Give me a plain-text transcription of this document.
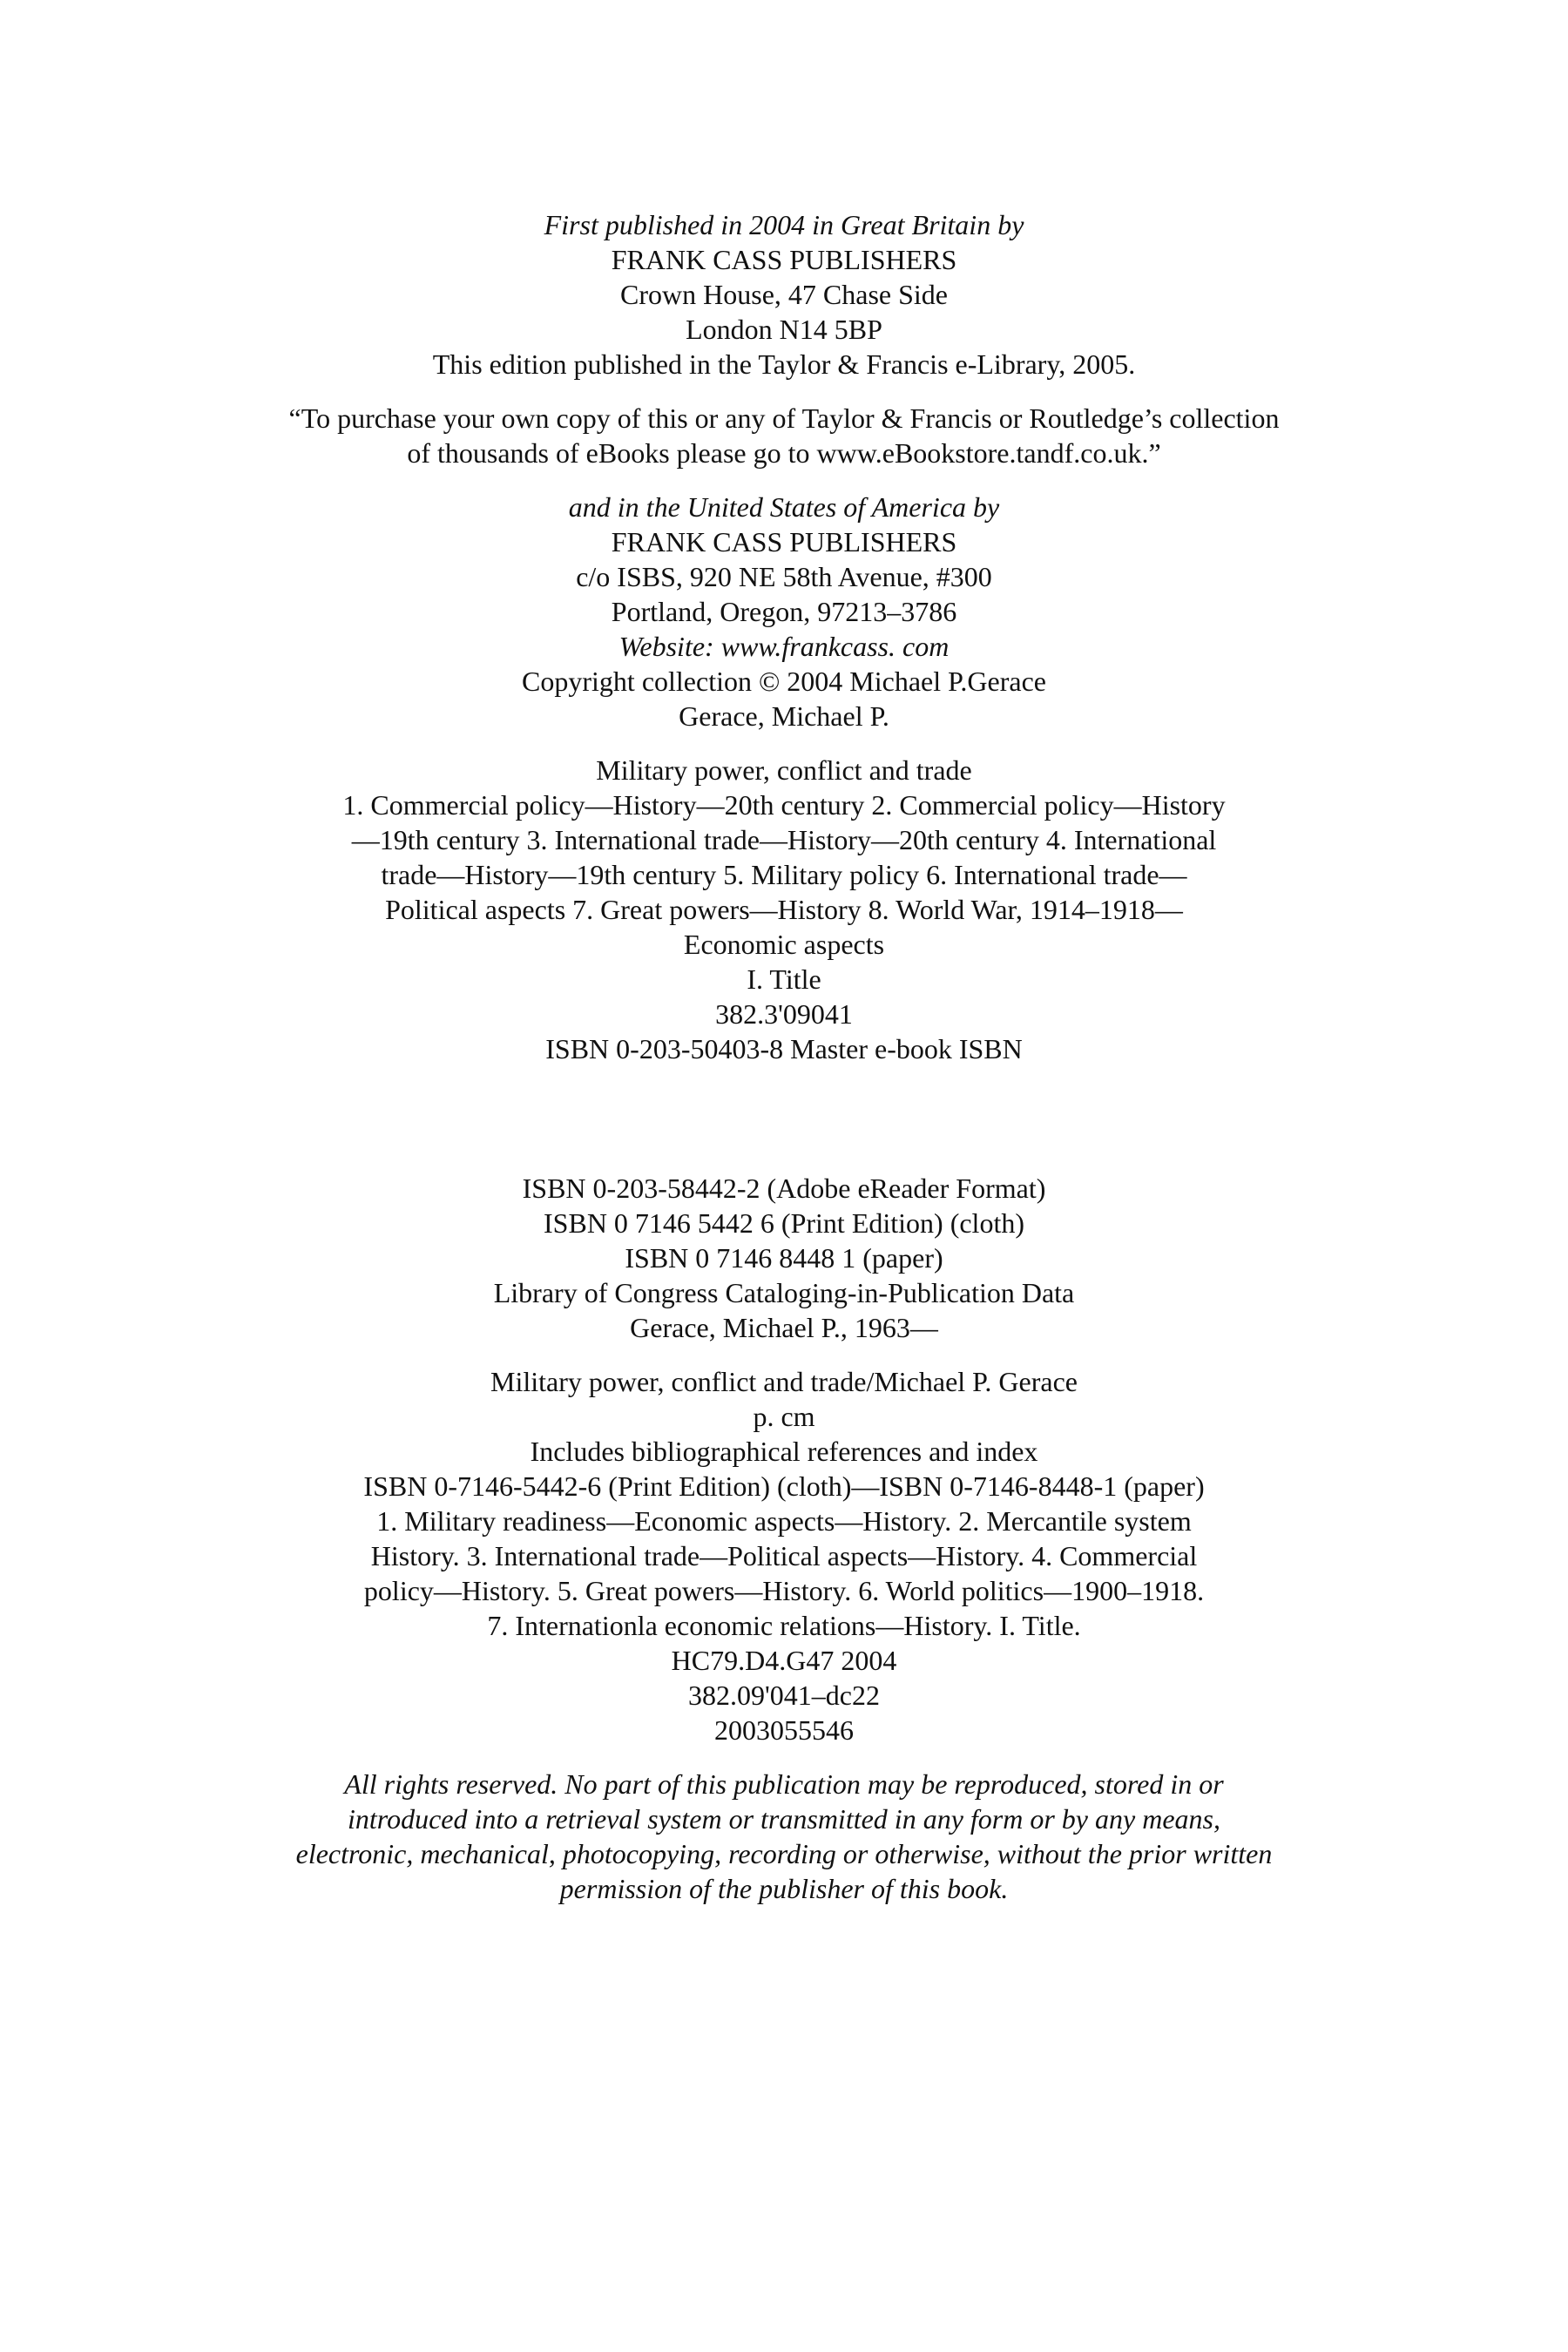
First published in 2004 in Great Britain by

FRANK CASS PUBLISHERS

Crown House, 47 Chase Side

London N14 5BP

This edition published in the Taylor & Francis e-Library, 2005.

“To purchase your own copy of this or any of Taylor & Francis or Routledge’s collection

of thousands of eBooks please go to www.eBookstore.tandf.co.uk.”

and in the United States of America by

FRANK CASS PUBLISHERS

c/o ISBS, 920 NE 58th Avenue, #300

Portland, Oregon, 97213–3786

Website: www.frankcass. com

Copyright collection © 2004 Michael P.Gerace

Gerace, Michael P.

Military power, conflict and trade

1. Commercial policy—History—20th century 2. Commercial policy—History

—19th century 3. International trade—History—20th century 4. International

trade—History—19th century 5. Military policy 6. International trade—

Political aspects 7. Great powers—History 8. World War, 1914–1918—

Economic aspects

I. Title

382.3'09041

ISBN 0-203-50403-8 Master e-book ISBN

ISBN 0-203-58442-2 (Adobe eReader Format)

ISBN 0 7146 5442 6 (Print Edition) (cloth)

ISBN 0 7146 8448 1 (paper)

Library of Congress Cataloging-in-Publication Data

Gerace, Michael P., 1963—

Military power, conflict and trade/Michael P. Gerace

p. cm

Includes bibliographical references and index

ISBN 0-7146-5442-6 (Print Edition) (cloth)—ISBN 0-7146-8448-1 (paper)

1. Military readiness—Economic aspects—History. 2. Mercantile system

History. 3. International trade—Political aspects—History. 4. Commercial

policy—History. 5. Great powers—History. 6. World politics—1900–1918.

7. Internationla economic relations—History. I. Title.

HC79.D4.G47 2004

382.09'041–dc22

2003055546

All rights reserved. No part of this publication may be reproduced, stored in or

introduced into a retrieval system or transmitted in any form or by any means,

electronic, mechanical, photocopying, recording or otherwise, without the prior written

permission of the publisher of this book.
